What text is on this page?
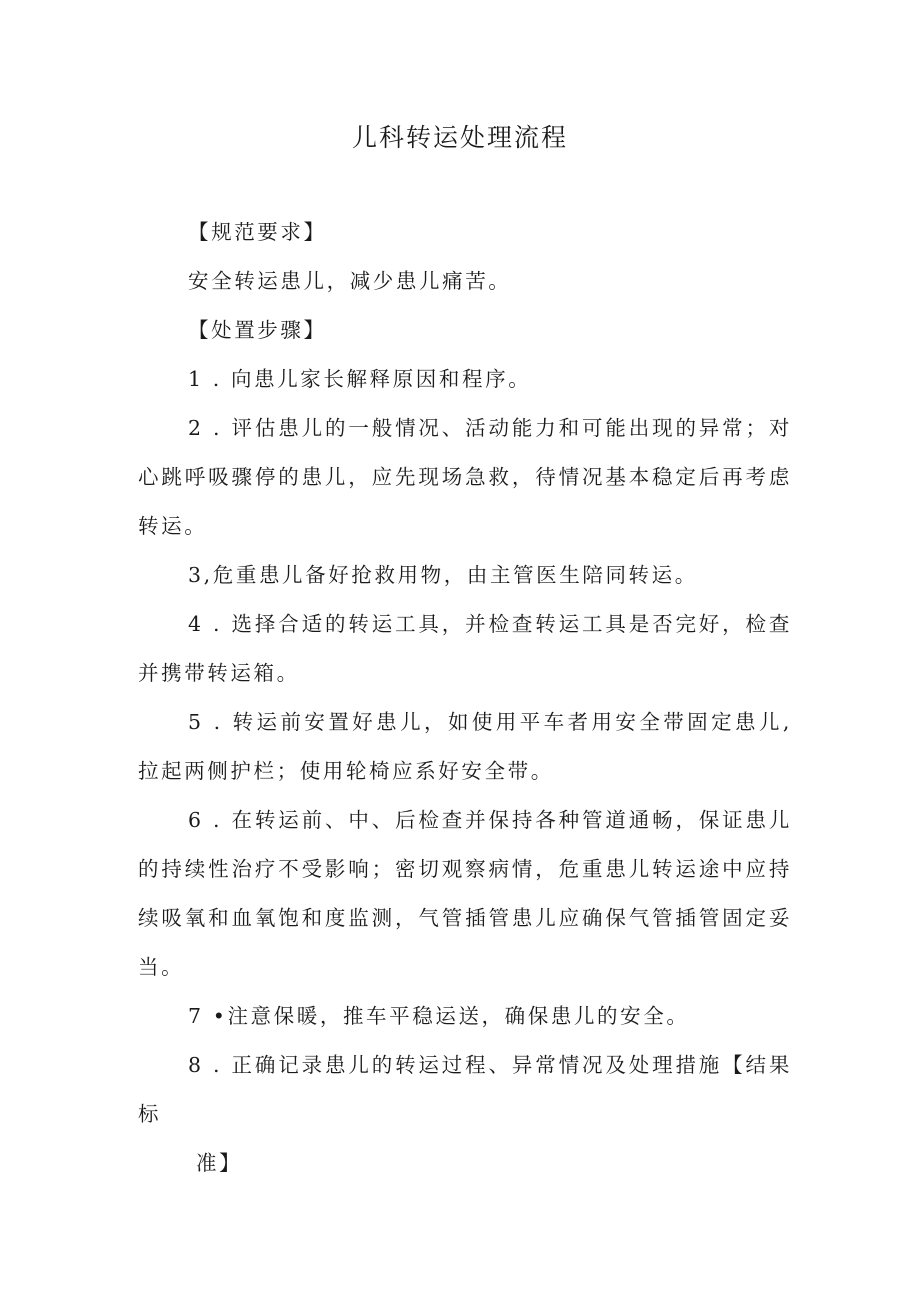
儿科转运处理流程

【规范要求】

安全转运患儿，减少患儿痛苦。

【处置步骤】

1 . 向患儿家长解释原因和程序。

2 . 评估患儿的一般情况、活动能力和可能出现的异常；对心跳呼吸骤停的患儿，应先现场急救，待情况基本稳定后再考虑转运。

3,危重患儿备好抢救用物，由主管医生陪同转运。

4 . 选择合适的转运工具，并检查转运工具是否完好，检查并携带转运箱。

5 . 转运前安置好患儿，如使用平车者用安全带固定患儿,拉起两侧护栏；使用轮椅应系好安全带。

6 . 在转运前、中、后检查并保持各种管道通畅，保证患儿的持续性治疗不受影响；密切观察病情，危重患儿转运途中应持续吸氧和血氧饱和度监测，气管插管患儿应确保气管插管固定妥当。

7 •注意保暖，推车平稳运送，确保患儿的安全。

8 . 正确记录患儿的转运过程、异常情况及处理措施【结果标

准】
